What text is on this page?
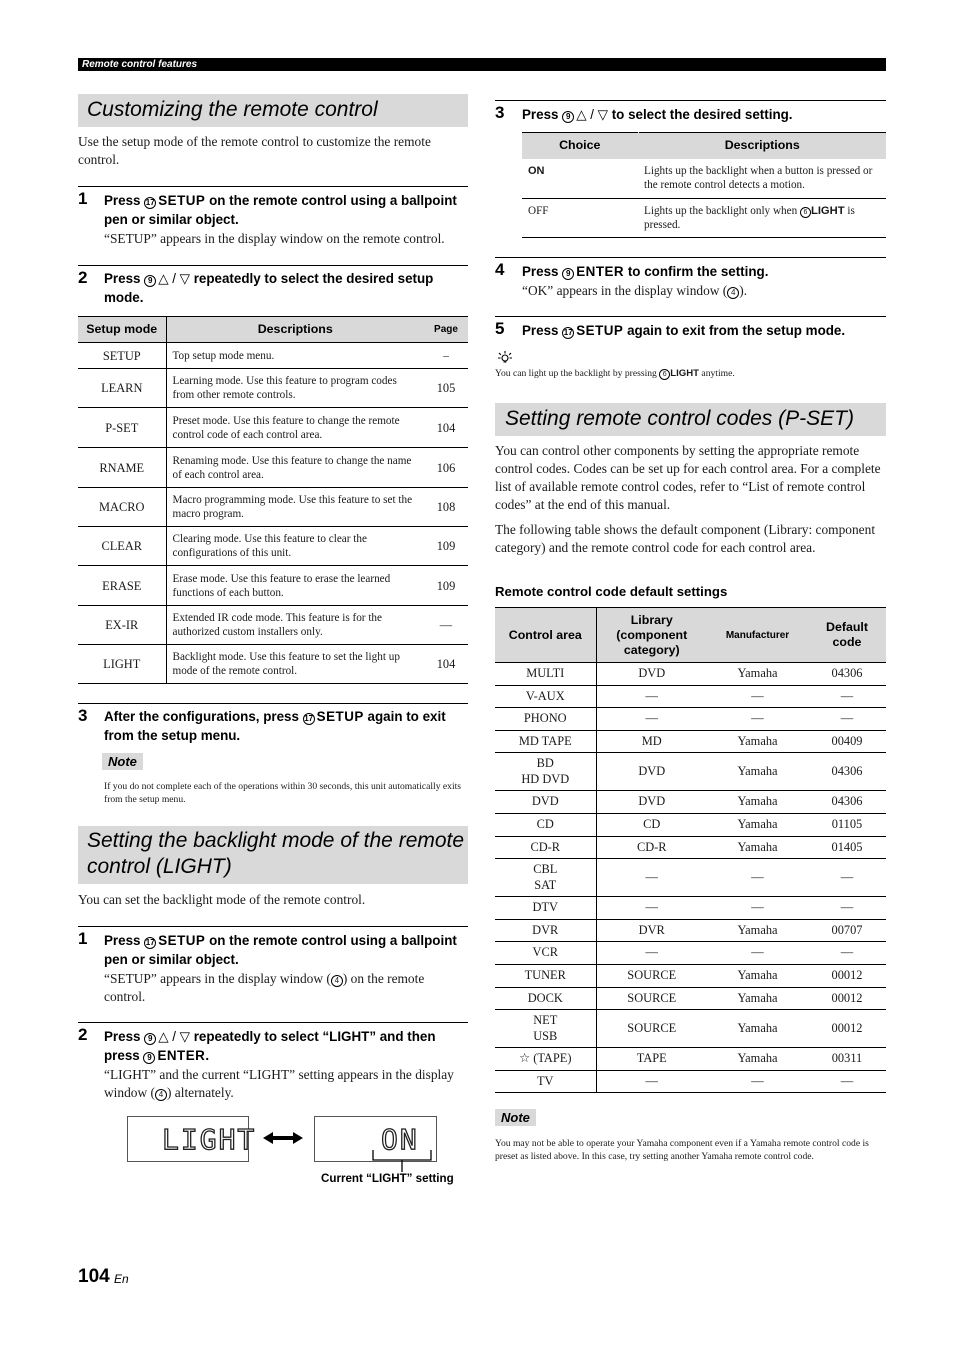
Remote control features
Customizing the remote control
Use the setup mode of the remote control to customize the remote control.
1 Press 17 SETUP on the remote control using a ballpoint pen or similar object.
“SETUP” appears in the display window on the remote control.
2 Press 9 △ / ▽ repeatedly to select the desired setup mode.
Setup mode	Descriptions	Page
SETUP	Top setup mode menu.	–
LEARN	Learning mode. Use this feature to program codes from other remote controls.	105
P-SET	Preset mode. Use this feature to change the remote control code of each control area.	104
RNAME	Renaming mode. Use this feature to change the name of each control area.	106
MACRO	Macro programming mode. Use this feature to set the macro program.	108
CLEAR	Clearing mode. Use this feature to clear the configurations of this unit.	109
ERASE	Erase mode. Use this feature to erase the learned functions of each button.	109
EX-IR	Extended IR code mode. This feature is for the authorized custom installers only.	—
LIGHT	Backlight mode. Use this feature to set the light up mode of the remote control.	104
3 After the configurations, press 17 SETUP again to exit from the setup menu.
Note
If you do not complete each of the operations within 30 seconds, this unit automatically exits from the setup menu.
Setting the backlight mode of the remote
control (LIGHT)
You can set the backlight mode of the remote control.
1 Press 17 SETUP on the remote control using a ballpoint pen or similar object.
“SETUP” appears in the display window ( 4 ) on the remote control.
2 Press 9 △ / ▽ repeatedly to select “LIGHT” and then press 9 ENTER.
“LIGHT” and the current “LIGHT” setting appears in the display window ( 4 ) alternately.
LIGHT	ON
Current “LIGHT” setting
3 Press 9 △ / ▽ to select the desired setting.
Choice	Descriptions
ON	Lights up the backlight when a button is pressed or the remote control detects a motion.
OFF	Lights up the backlight only when 6 LIGHT is pressed.
4 Press 9 ENTER to confirm the setting.
“OK” appears in the display window ( 4 ).
5 Press 17 SETUP again to exit from the setup mode.
You can light up the backlight by pressing 6 LIGHT anytime.
Setting remote control codes (P-SET)
You can control other components by setting the appropriate remote control codes. Codes can be set up for each control area. For a complete list of available remote control codes, refer to “List of remote control codes” at the end of this manual.
The following table shows the default component (Library: component category) and the remote control code for each control area.
Remote control code default settings
Control area	Library (component category)	Manufacturer	Default code
MULTI	DVD	Yamaha	04306
V-AUX	—	—	—
PHONO	—	—	—
MD TAPE	MD	Yamaha	00409
BD
HD DVD	DVD	Yamaha	04306
DVD	DVD	Yamaha	04306
CD	CD	Yamaha	01105
CD-R	CD-R	Yamaha	01405
CBL
SAT	—	—	—
DTV	—	—	—
DVR	DVR	Yamaha	00707
VCR	—	—	—
TUNER	SOURCE	Yamaha	00012
DOCK	SOURCE	Yamaha	00012
NET
USB	SOURCE	Yamaha	00012
☆ (TAPE)	TAPE	Yamaha	00311
TV	—	—	—
Note
You may not be able to operate your Yamaha component even if a Yamaha remote control code is preset as listed above. In this case, try setting another Yamaha remote control code.
104 En
